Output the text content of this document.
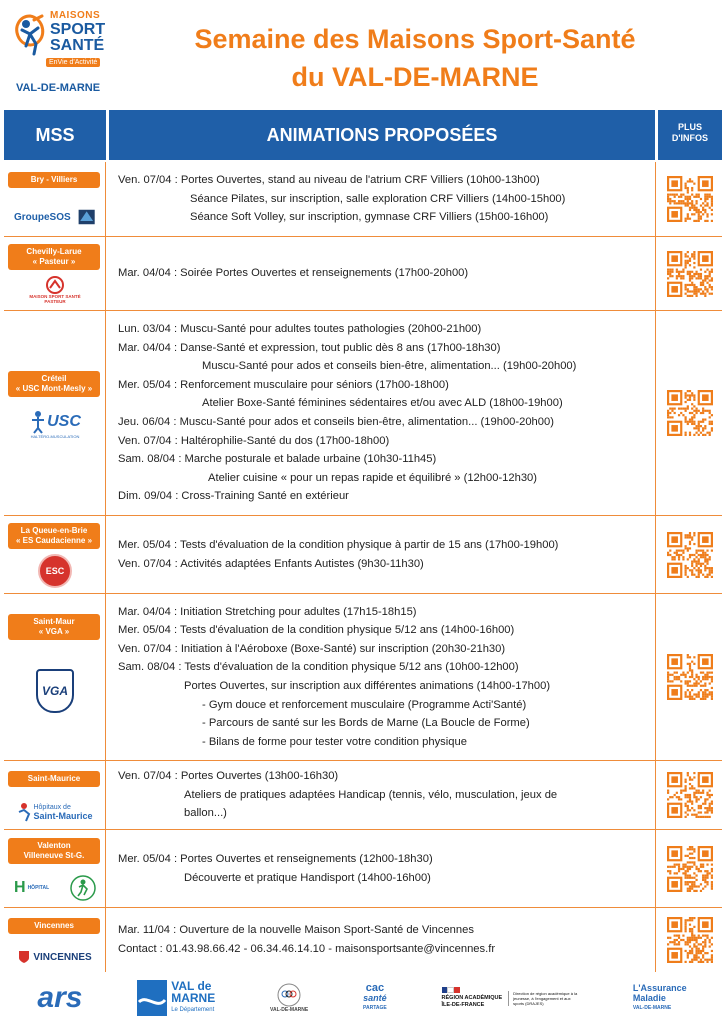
MAISONS
SPORT
SANTÉ
EnVie d'Activité
VAL-DE-MARNE
Semaine des Maisons Sport-Santé
du VAL-DE-MARNE
MSS	ANIMATIONS PROPOSÉES	PLUS
D'INFOS
Bry - Villiers
GroupeSOS
Ven. 07/04 : Portes Ouvertes, stand au niveau de l'atrium CRF Villiers (10h00-13h00)
Séance Pilates, sur inscription, salle exploration CRF Villiers (14h00-15h00)
Séance Soft Volley, sur inscription, gymnase CRF Villiers (15h00-16h00)
Chevilly-Larue
« Pasteur »
MAISON SPORT SANTÉ PASTEUR
Mar. 04/04 : Soirée Portes Ouvertes et renseignements (17h00-20h00)
Créteil
« USC Mont-Mesly »
USC
HALTÉRO-MUSCULATION
Lun. 03/04 : Muscu-Santé pour adultes toutes pathologies (20h00-21h00)
Mar. 04/04 : Danse-Santé et expression, tout public dès 8 ans (17h00-18h30)
Muscu-Santé pour ados et conseils bien-être, alimentation... (19h00-20h00)
Mer. 05/04 : Renforcement musculaire pour séniors (17h00-18h00)
Atelier Boxe-Santé féminines sédentaires et/ou avec ALD (18h00-19h00)
Jeu. 06/04 : Muscu-Santé pour ados et conseils bien-être, alimentation... (19h00-20h00)
Ven. 07/04 : Haltérophilie-Santé du dos (17h00-18h00)
Sam. 08/04 : Marche posturale et balade urbaine (10h30-11h45)
Atelier cuisine « pour un repas rapide et équilibré » (12h00-12h30)
Dim. 09/04 : Cross-Training Santé en extérieur
La Queue-en-Brie
« ES Caudacienne »
ESC
Mer. 05/04 : Tests d'évaluation de la condition physique à partir de 15 ans (17h00-19h00)
Ven. 07/04 : Activités adaptées Enfants Autistes (9h30-11h30)
Saint-Maur
« VGA »
VGA
Mar. 04/04 : Initiation Stretching pour adultes (17h15-18h15)
Mer. 05/04 : Tests d'évaluation de la condition physique 5/12 ans (14h00-16h00)
Ven. 07/04 : Initiation à l'Aéroboxe (Boxe-Santé) sur inscription (20h30-21h30)
Sam. 08/04 : Tests d'évaluation de la condition physique 5/12 ans (10h00-12h00)
Portes Ouvertes, sur inscription aux différentes animations (14h00-17h00)
- Gym douce et renforcement musculaire (Programme Acti'Santé)
- Parcours de santé sur les Bords de Marne (La Boucle de Forme)
- Bilans de forme pour tester votre condition physique
Saint-Maurice
Hôpitaux de
Saint-Maurice
Ven. 07/04 : Portes Ouvertes (13h00-16h30)
Ateliers de pratiques adaptées Handicap (tennis, vélo, musculation, jeux de
ballon...)
Valenton
Villeneuve St-G.
H HÔPITAL
Mer. 05/04 : Portes Ouvertes et renseignements (12h00-18h30)
Découverte et pratique Handisport (14h00-16h00)
Vincennes
VINCENNES
Mar. 11/04 : Ouverture de la nouvelle Maison Sport-Santé de Vincennes
Contact : 01.43.98.66.42 - 06.34.46.14.10 - maisonsportsante@vincennes.fr
ars	VAL de
MARNE
Le Département	VAL-DE-MARNE
cac
santé
PARTAGE
RÉGION ACADÉMIQUE
ÎLE-DE-FRANCE
Direction de région académique à la jeunesse, à l'engagement et aux sports (DRAJES)
L'Assurance
Maladie
VAL-DE-MARNE
